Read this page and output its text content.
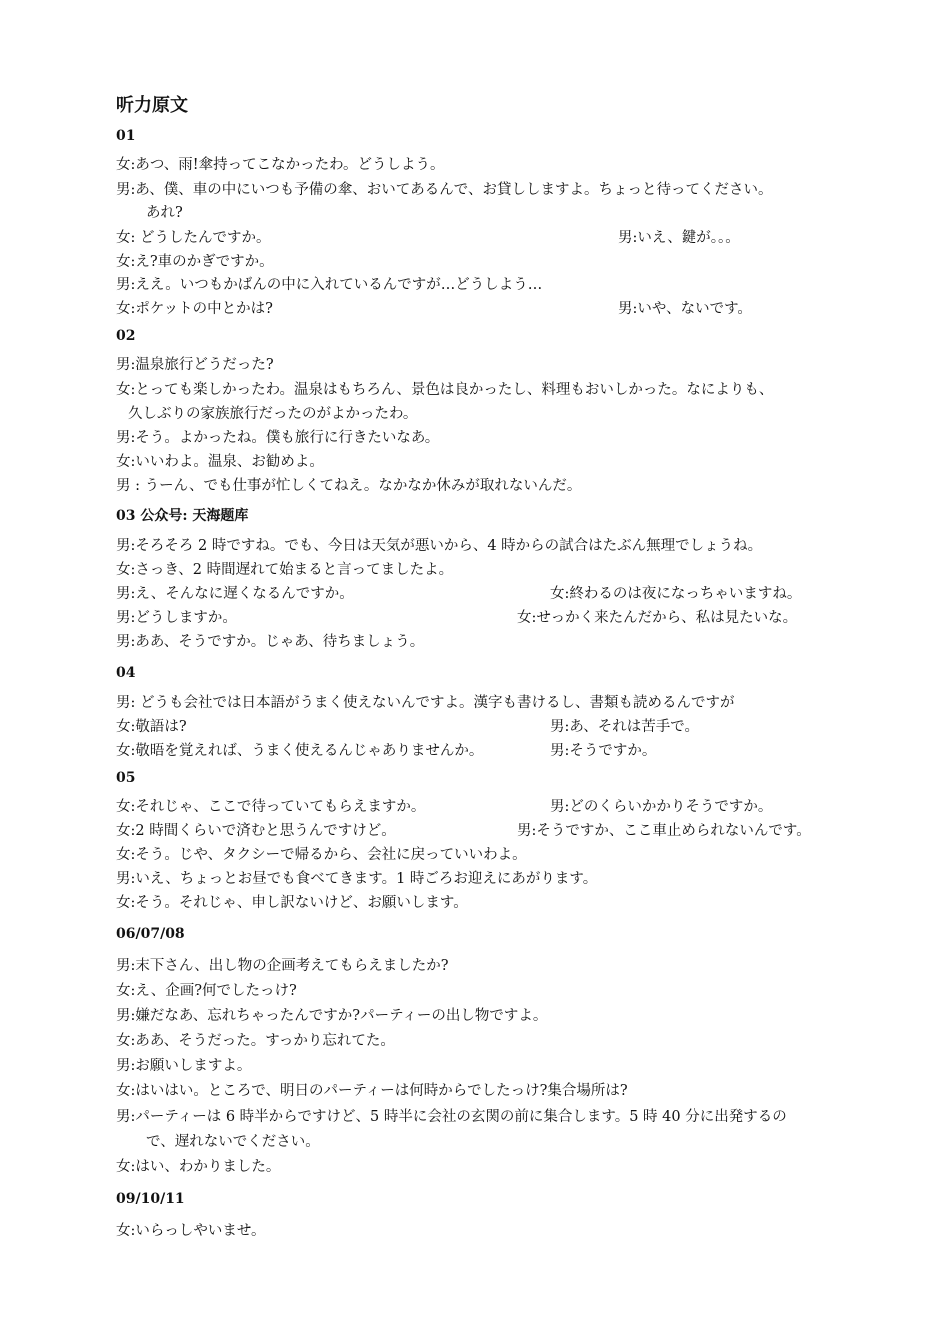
听力原文
01
女:あつ、雨!傘持ってこなかったわ。どうしよう。
男:あ、僕、車の中にいつも予備の傘、おいてあるんで、お貸ししますよ。ちょっと待ってください。
あれ?
女: どうしたんですか。	男:いえ、鍵が。。。
女:え?車のかぎですか。
男:ええ。いつもかばんの中に入れているんですが…どうしよう…
女:ポケットの中とかは?	男:いや、ないです。
02
男:温泉旅行どうだった?
女:とっても楽しかったわ。温泉はもちろん、景色は良かったし、料理もおいしかった。なによりも、
久しぶりの家族旅行だったのがよかったわ。
男:そう。よかったね。僕も旅行に行きたいなあ。
女:いいわよ。温泉、お勧めよ。
男 : うーん、でも仕事が忙しくてねえ。なかなか休みが取れないんだ。
03 公众号: 天海题库
男:そろそろ 2 時ですね。でも、今日は天気が悪いから、4 時からの試合はたぶん無理でしょうね。
女:さっき、2 時間遅れて始まると言ってましたよ。
男:え、そんなに遅くなるんですか。	女:終わるのは夜になっちゃいますね。
男:どうしますか。	女:せっかく来たんだから、私は見たいな。
男:ああ、そうですか。じゃあ、待ちましょう。
04
男: どうも会社では日本語がうまく使えないんですよ。漢字も書けるし、書類も読めるんですが
女:敬語は?	男:あ、それは苦手で。
女:敬晤を覚えれば、うまく使えるんじゃありませんか。	男:そうですか。
05
女:それじゃ、ここで待っていてもらえますか。	男:どのくらいかかりそうですか。
女:2 時間くらいで済むと思うんですけど。	男:そうですか、ここ車止められないんです。
女:そう。じや、タクシーで帰るから、会社に戻っていいわよ。
男:いえ、ちょっとお昼でも食べてきます。1 時ごろお迎えにあがります。
女:そう。それじゃ、申し訳ないけど、お願いします。
06/07/08
男:末下さん、出し物の企画考えてもらえましたか?
女:え、企画?何でしたっけ?
男:嫌だなあ、忘れちゃったんですか?パーティーの出し物ですよ。
女:ああ、そうだった。すっかり忘れてた。
男:お願いしますよ。
女:はいはい。ところで、明日のパーティーは何時からでしたっけ?集合場所は?
男:パーティーは 6 時半からですけど、5 時半に会社の玄関の前に集合します。5 時 40 分に出発するの
で、遅れないでください。
女:はい、わかりました。
09/10/11
女:いらっしやいませ。
